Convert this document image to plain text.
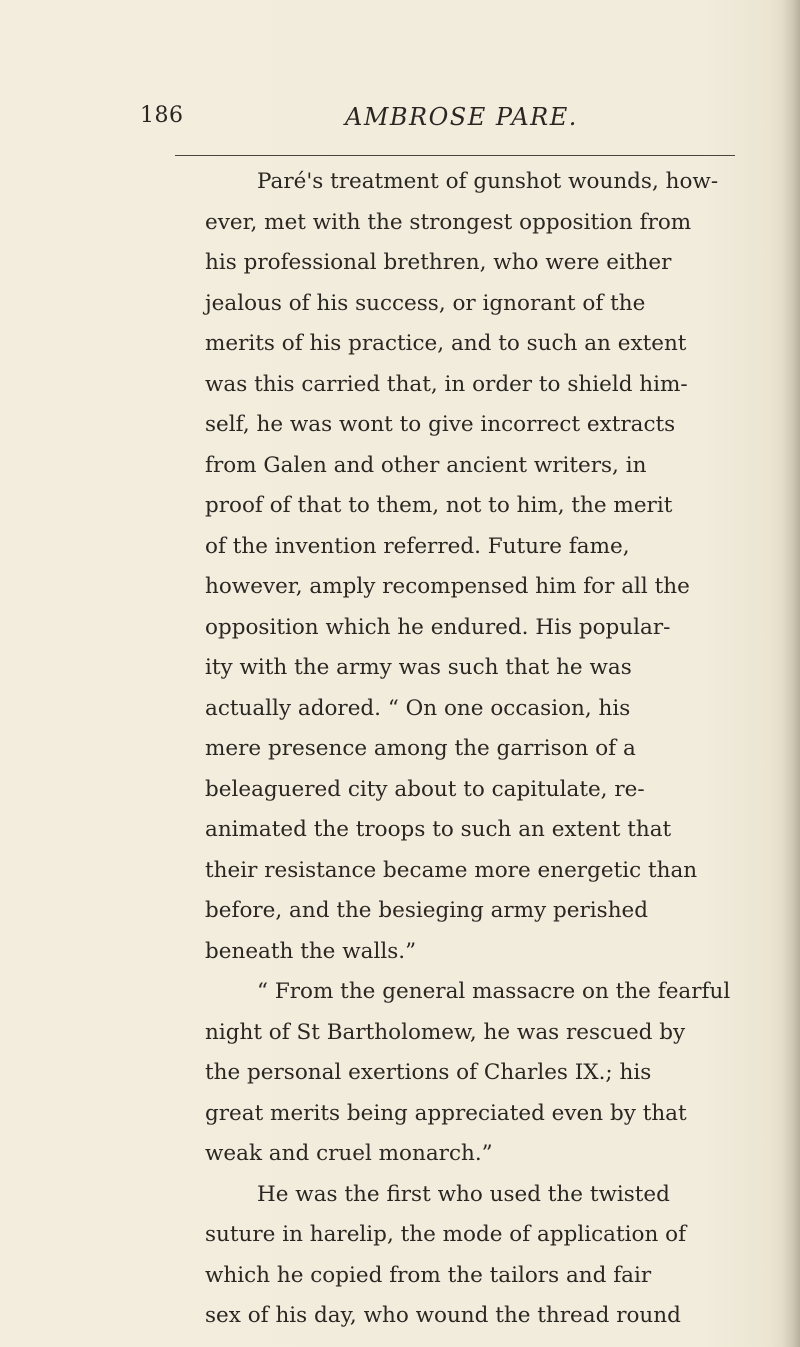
186	AMBROSE PARE.
Paré's treatment of gunshot wounds, how-
ever, met with the strongest opposition from
his professional brethren, who were either
jealous of his success, or ignorant of the
merits of his practice, and to such an extent
was this carried that, in order to shield him-
self, he was wont to give incorrect extracts
from Galen and other ancient writers, in
proof of that to them, not to him, the merit
of the invention referred. Future fame,
however, amply recompensed him for all the
opposition which he endured. His popular-
ity with the army was such that he was
actually adored. “ On one occasion, his
mere presence among the garrison of a
beleaguered city about to capitulate, re-
animated the troops to such an extent that
their resistance became more energetic than
before, and the besieging army perished
beneath the walls.”
“ From the general massacre on the fearful
night of St Bartholomew, he was rescued by
the personal exertions of Charles IX.; his
great merits being appreciated even by that
weak and cruel monarch.”
He was the first who used the twisted
suture in harelip, the mode of application of
which he copied from the tailors and fair
sex of his day, who wound the thread round
